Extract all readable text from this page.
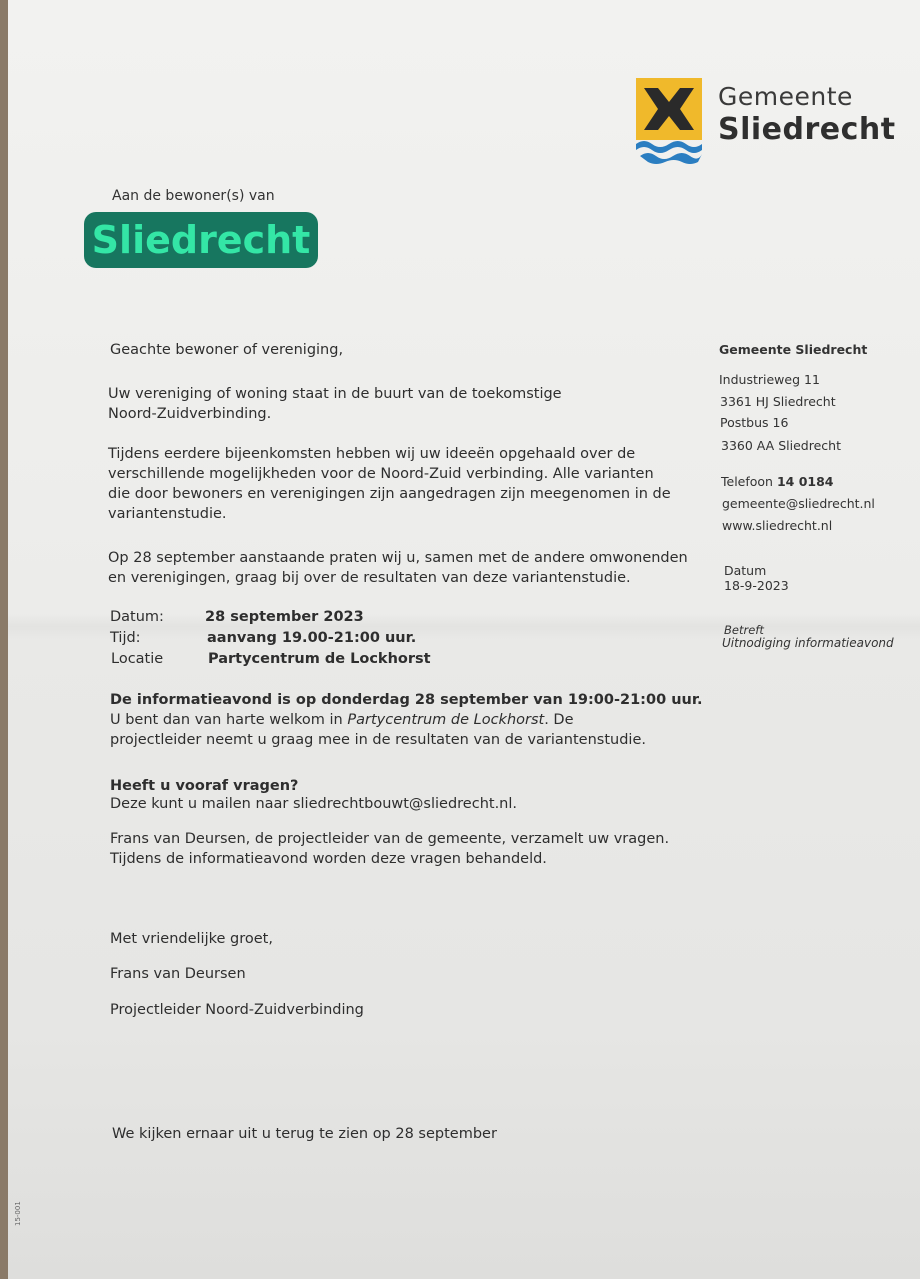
Gemeente
Sliedrecht
Aan de bewoner(s) van
Sliedrecht
Geachte bewoner of vereniging,
Uw vereniging of woning staat in de buurt van de toekomstige Noord-Zuidverbinding.
Tijdens eerdere bijeenkomsten hebben wij uw ideeën opgehaald over de verschillende mogelijkheden voor de Noord-Zuid verbinding. Alle varianten die door bewoners en verenigingen zijn aangedragen zijn meegenomen in de variantenstudie.
Op 28 september aanstaande praten wij u, samen met de andere omwonenden en verenigingen, graag bij over de resultaten van deze variantenstudie.
Datum:	28 september 2023
Tijd:	aanvang 19.00-21:00 uur.
Locatie	Partycentrum de Lockhorst
De informatieavond is op donderdag 28 september van 19:00-21:00 uur.
U bent dan van harte welkom in Partycentrum de Lockhorst. De projectleider neemt u graag mee in de resultaten van de variantenstudie.
Heeft u vooraf vragen?
Deze kunt u mailen naar sliedrechtbouwt@sliedrecht.nl.
Frans van Deursen, de projectleider van de gemeente, verzamelt uw vragen. Tijdens de informatieavond worden deze vragen behandeld.
Met vriendelijke groet,
Frans van Deursen
Projectleider Noord-Zuidverbinding
We kijken ernaar uit u terug te zien op 28 september
Gemeente Sliedrecht
Industrieweg 11
3361 HJ Sliedrecht
Postbus 16
3360 AA Sliedrecht
Telefoon 14 0184
gemeente@sliedrecht.nl
www.sliedrecht.nl
Datum
18-9-2023
Betreft
Uitnodiging informatieavond
15-001
